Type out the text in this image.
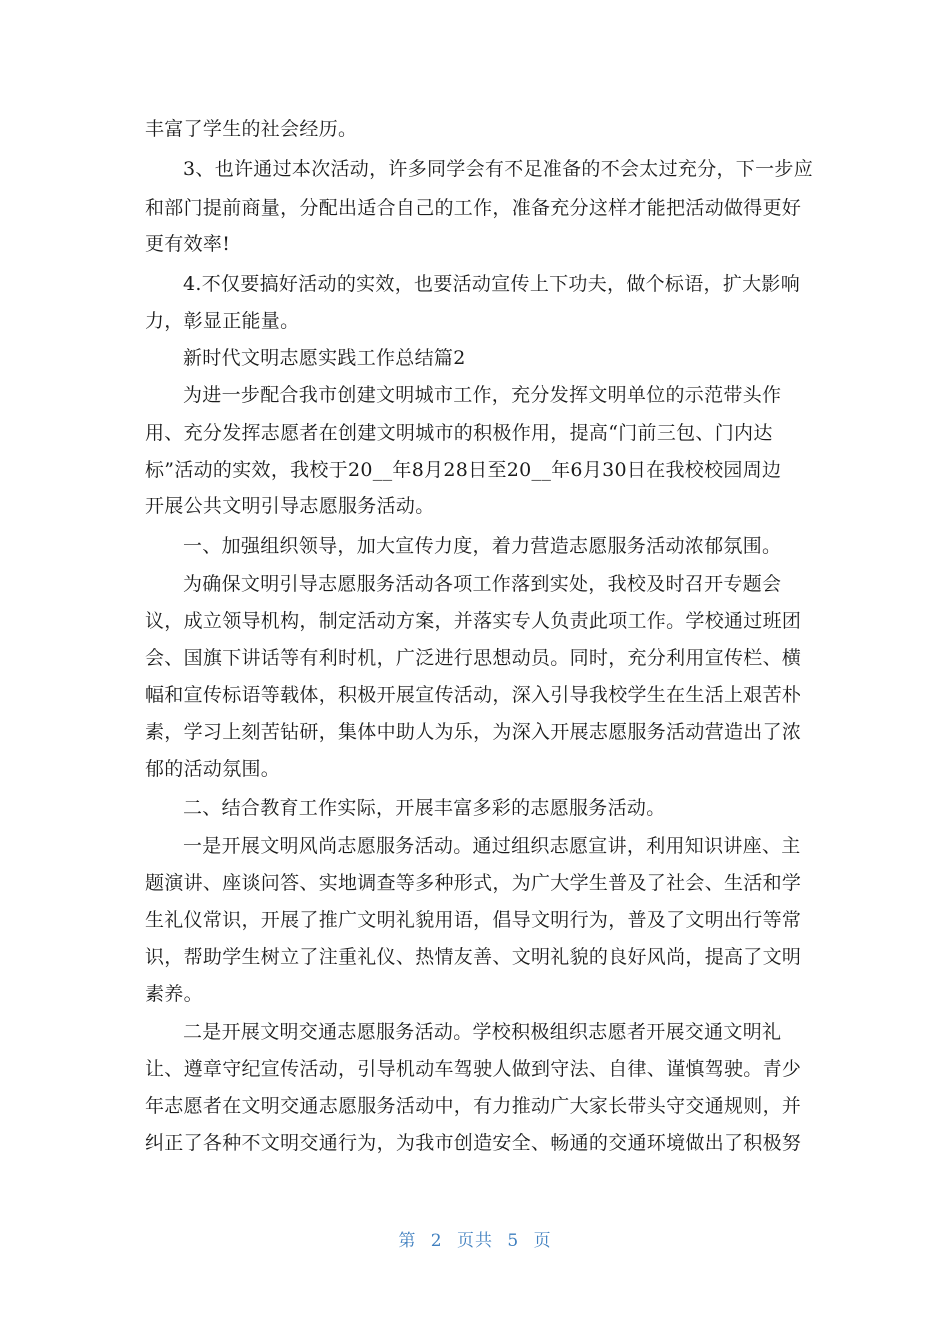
丰富了学生的社会经历。
3、也许通过本次活动，许多同学会有不足准备的不会太过充分，下一步应
和部门提前商量，分配出适合自己的工作，准备充分这样才能把活动做得更好
更有效率!
4.不仅要搞好活动的实效，也要活动宣传上下功夫，做个标语，扩大影响
力，彰显正能量。
新时代文明志愿实践工作总结篇2
为进一步配合我市创建文明城市工作，充分发挥文明单位的示范带头作
用、充分发挥志愿者在创建文明城市的积极作用，提高“门前三包、门内达
标”活动的实效，我校于20__年8月28日至20__年6月30日在我校校园周边
开展公共文明引导志愿服务活动。
一、加强组织领导，加大宣传力度，着力营造志愿服务活动浓郁氛围。
为确保文明引导志愿服务活动各项工作落到实处，我校及时召开专题会
议，成立领导机构，制定活动方案，并落实专人负责此项工作。学校通过班团
会、国旗下讲话等有利时机，广泛进行思想动员。同时，充分利用宣传栏、横
幅和宣传标语等载体，积极开展宣传活动，深入引导我校学生在生活上艰苦朴
素，学习上刻苦钻研，集体中助人为乐，为深入开展志愿服务活动营造出了浓
郁的活动氛围。
二、结合教育工作实际，开展丰富多彩的志愿服务活动。
一是开展文明风尚志愿服务活动。通过组织志愿宣讲，利用知识讲座、主
题演讲、座谈问答、实地调查等多种形式，为广大学生普及了社会、生活和学
生礼仪常识，开展了推广文明礼貌用语，倡导文明行为，普及了文明出行等常
识，帮助学生树立了注重礼仪、热情友善、文明礼貌的良好风尚，提高了文明
素养。
二是开展文明交通志愿服务活动。学校积极组织志愿者开展交通文明礼
让、遵章守纪宣传活动，引导机动车驾驶人做到守法、自律、谨慎驾驶。青少
年志愿者在文明交通志愿服务活动中，有力推动广大家长带头守交通规则，并
纠正了各种不文明交通行为，为我市创造安全、畅通的交通环境做出了积极努
第 2 页共 5 页
